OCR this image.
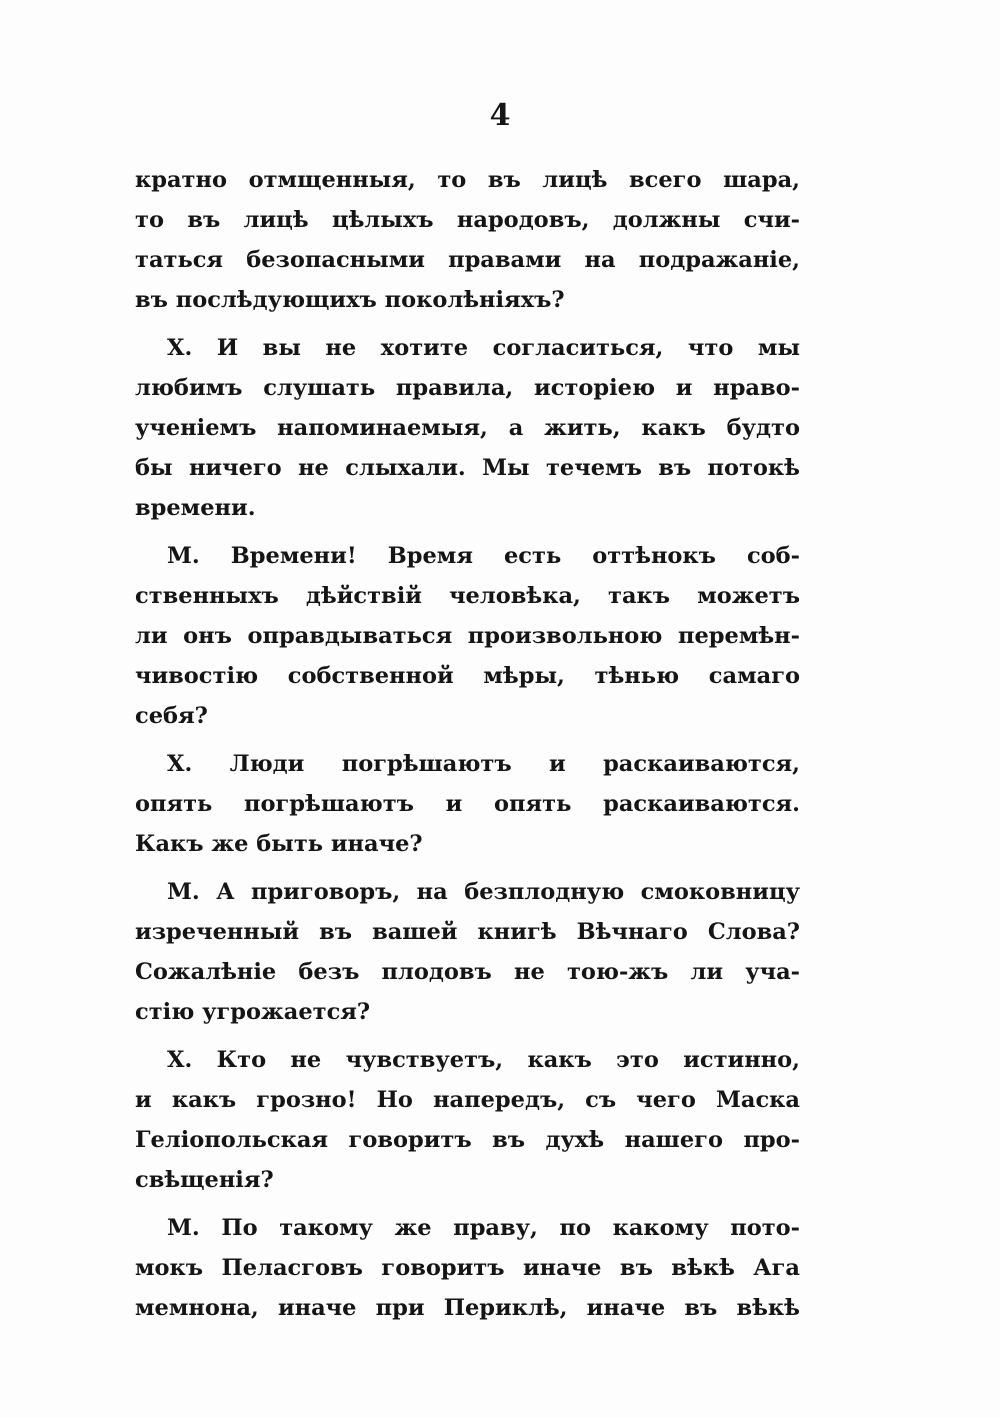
4
кратно отмщенныя, то въ лицѣ всего шара,
то въ лицѣ цѣлыхъ народовъ, должны счи-
таться безопасными правами на подражаніе,
въ послѣдующихъ поколѣніяхъ?
Х. И вы не хотите согласиться, что мы
любимъ слушать правила, исторіею и нраво-
ученіемъ напоминаемыя, а жить, какъ будто
бы ничего не слыхали. Мы течемъ въ потокѣ
времени.
М. Времени! Время есть оттѣнокъ соб-
ственныхъ дѣйствій человѣка, такъ можетъ
ли онъ оправдываться произвольною перемѣн-
чивостію собственной мѣры, тѣнью самаго
себя?
Х. Люди погрѣшаютъ и раскаиваются,
опять погрѣшаютъ и опять раскаиваются.
Какъ же быть иначе?
М. А приговоръ, на безплодную смоковницу
изреченный въ вашей книгѣ Вѣчнаго Слова?
Сожалѣніе безъ плодовъ не тою-жъ ли уча-
стію угрожается?
Х. Кто не чувствуетъ, какъ это истинно,
и какъ грозно! Но напередъ, съ чего Маска
Геліопольская говоритъ въ духѣ нашего про-
свѣщенія?
М. По такому же праву, по какому пото-
мокъ Пеласговъ говоритъ иначе въ вѣкѣ Ага
мемнона, иначе при Периклѣ, иначе въ вѣкѣ
